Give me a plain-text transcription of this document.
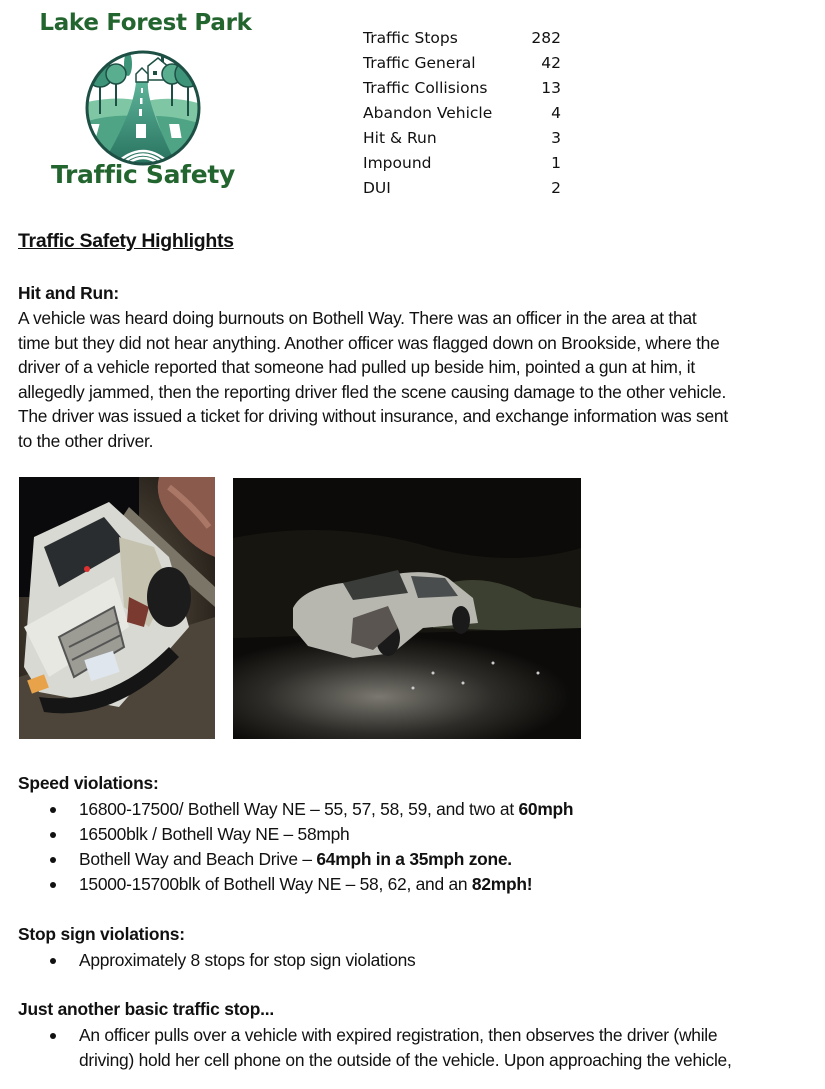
Lake Forest Park
Traffic Safety
Traffic Stops	282
Traffic General	42
Traffic Collisions	13
Abandon Vehicle	4
Hit & Run	3
Impound	1
DUI	2
Traffic Safety Highlights
Hit and Run:
A vehicle was heard doing burnouts on Bothell Way. There was an officer in the area at that
time but they did not hear anything. Another officer was flagged down on Brookside, where the
driver of a vehicle reported that someone had pulled up beside him, pointed a gun at him, it
allegedly jammed, then the reporting driver fled the scene causing damage to the other vehicle.
The driver was issued a ticket for driving without insurance, and exchange information was sent
to the other driver.
Speed violations:
16800-17500/ Bothell Way NE – 55, 57, 58, 59, and two at 60mph
16500blk / Bothell Way NE – 58mph
Bothell Way and Beach Drive – 64mph in a 35mph zone.
15000-15700blk of Bothell Way NE – 58, 62, and an 82mph!
Stop sign violations:
Approximately 8 stops for stop sign violations
Just another basic traffic stop...
An officer pulls over a vehicle with expired registration, then observes the driver (while
driving) hold her cell phone on the outside of the vehicle. Upon approaching the vehicle,
